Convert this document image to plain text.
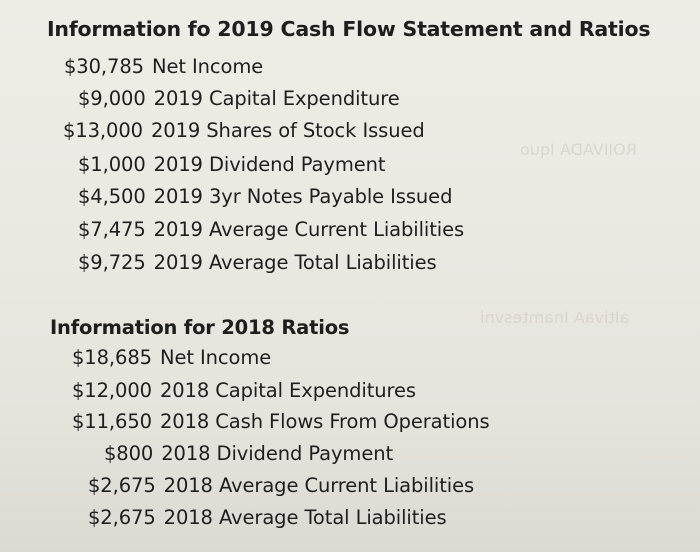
ROIIVADA Iquo
aItivaA Inamtesvni
Information fo 2019 Cash Flow Statement and Ratios
$30,785 Net Income
$9,000 2019 Capital Expenditure
$13,000 2019 Shares of Stock Issued
$1,000 2019 Dividend Payment
$4,500 2019 3yr Notes Payable Issued
$7,475 2019 Average Current Liabilities
$9,725 2019 Average Total Liabilities
Information for 2018 Ratios
$18,685 Net Income
$12,000 2018 Capital Expenditures
$11,650 2018 Cash Flows From Operations
$800 2018 Dividend Payment
$2,675 2018 Average Current Liabilities
$2,675 2018 Average Total Liabilities
